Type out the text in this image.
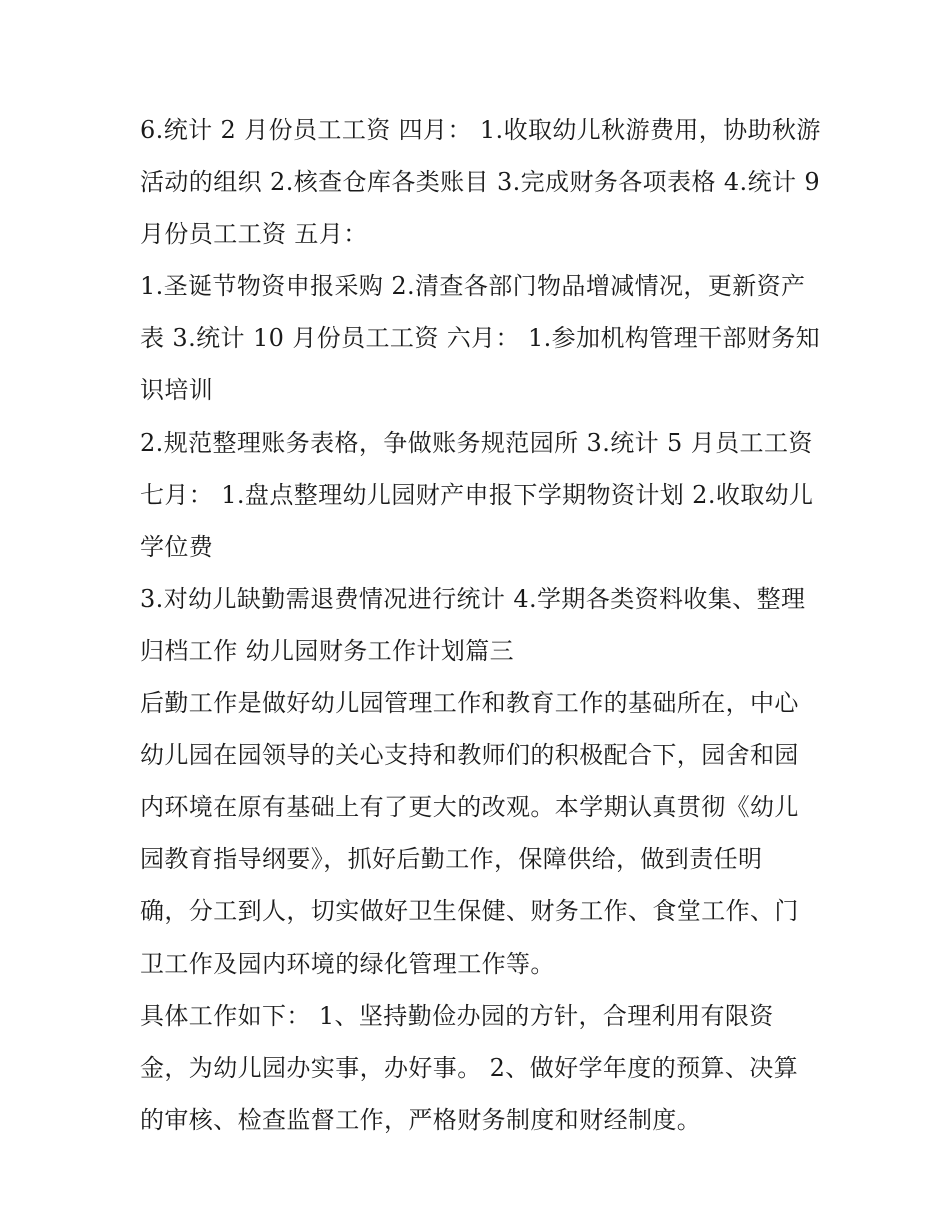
6.统计 2 月份员工工资 四月： 1.收取幼儿秋游费用，协助秋游
活动的组织 2.核查仓库各类账目 3.完成财务各项表格 4.统计 9
月份员工工资 五月：
1.圣诞节物资申报采购 2.清查各部门物品增减情况，更新资产
表 3.统计 10 月份员工工资 六月： 1.参加机构管理干部财务知
识培训
2.规范整理账务表格，争做账务规范园所 3.统计 5 月员工工资
七月： 1.盘点整理幼儿园财产申报下学期物资计划 2.收取幼儿
学位费
3.对幼儿缺勤需退费情况进行统计 4.学期各类资料收集、整理
归档工作 幼儿园财务工作计划篇三
后勤工作是做好幼儿园管理工作和教育工作的基础所在，中心
幼儿园在园领导的关心支持和教师们的积极配合下，园舍和园
内环境在原有基础上有了更大的改观。本学期认真贯彻《幼儿
园教育指导纲要》，抓好后勤工作，保障供给，做到责任明
确，分工到人，切实做好卫生保健、财务工作、食堂工作、门
卫工作及园内环境的绿化管理工作等。
具体工作如下： 1、坚持勤俭办园的方针，合理利用有限资
金，为幼儿园办实事，办好事。 2、做好学年度的预算、决算
的审核、检查监督工作，严格财务制度和财经制度。
